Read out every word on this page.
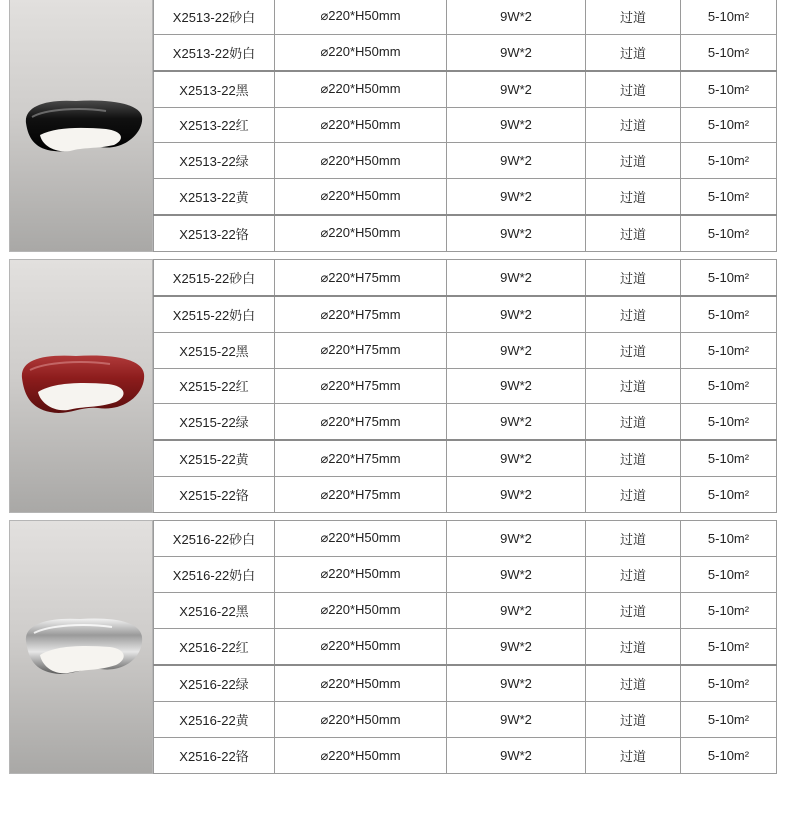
X2513-22砂白	⌀220*H50mm	9W*2	过道	5-10m²
X2513-22奶白	⌀220*H50mm	9W*2	过道	5-10m²
X2513-22黑	⌀220*H50mm	9W*2	过道	5-10m²
X2513-22红	⌀220*H50mm	9W*2	过道	5-10m²
X2513-22绿	⌀220*H50mm	9W*2	过道	5-10m²
X2513-22黄	⌀220*H50mm	9W*2	过道	5-10m²
X2513-22铬	⌀220*H50mm	9W*2	过道	5-10m²
X2515-22砂白	⌀220*H75mm	9W*2	过道	5-10m²
X2515-22奶白	⌀220*H75mm	9W*2	过道	5-10m²
X2515-22黑	⌀220*H75mm	9W*2	过道	5-10m²
X2515-22红	⌀220*H75mm	9W*2	过道	5-10m²
X2515-22绿	⌀220*H75mm	9W*2	过道	5-10m²
X2515-22黄	⌀220*H75mm	9W*2	过道	5-10m²
X2515-22铬	⌀220*H75mm	9W*2	过道	5-10m²
X2516-22砂白	⌀220*H50mm	9W*2	过道	5-10m²
X2516-22奶白	⌀220*H50mm	9W*2	过道	5-10m²
X2516-22黑	⌀220*H50mm	9W*2	过道	5-10m²
X2516-22红	⌀220*H50mm	9W*2	过道	5-10m²
X2516-22绿	⌀220*H50mm	9W*2	过道	5-10m²
X2516-22黄	⌀220*H50mm	9W*2	过道	5-10m²
X2516-22铬	⌀220*H50mm	9W*2	过道	5-10m²
